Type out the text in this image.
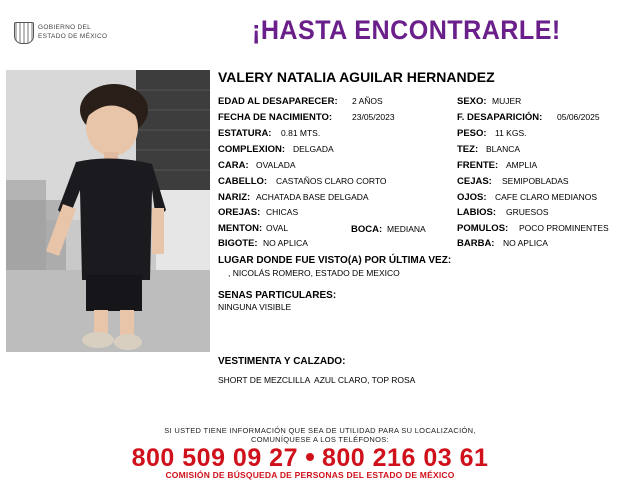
GOBIERNO DEL
ESTADO DE MÉXICO	¡HASTA ENCONTRARLE!
VALERY NATALIA AGUILAR HERNANDEZ
EDAD AL DESAPARECER: 2 AÑOS
FECHA DE NACIMIENTO: 23/05/2023
ESTATURA: 0.81 MTS.
COMPLEXION: DELGADA
CARA: OVALADA
CABELLO: CASTAÑOS CLARO CORTO
NARIZ: ACHATADA BASE DELGADA
OREJAS: CHICAS
MENTON: OVAL	BOCA: MEDIANA
BIGOTE: NO APLICA
SEXO: MUJER
F. DESAPARICIÓN: 05/06/2025
PESO: 11 KGS.
TEZ: BLANCA
FRENTE: AMPLIA
CEJAS: SEMIPOBLADAS
OJOS: CAFE CLARO MEDIANOS
LABIOS: GRUESOS
POMULOS: POCO PROMINENTES
BARBA: NO APLICA
LUGAR DONDE FUE VISTO(A) POR ÚLTIMA VEZ:
, NICOLÁS ROMERO, ESTADO DE MEXICO
SENAS PARTICULARES:
NINGUNA VISIBLE
VESTIMENTA Y CALZADO:
SHORT DE MEZCLILLA  AZUL CLARO, TOP ROSA
SI USTED TIENE INFORMACIÓN QUE SEA DE UTILIDAD PARA SU LOCALIZACIÓN,
COMUNÍQUESE A LOS TELÉFONOS:
800 509 09 27 800 216 03 61
COMISIÓN DE BÚSQUEDA DE PERSONAS DEL ESTADO DE MÉXICO
